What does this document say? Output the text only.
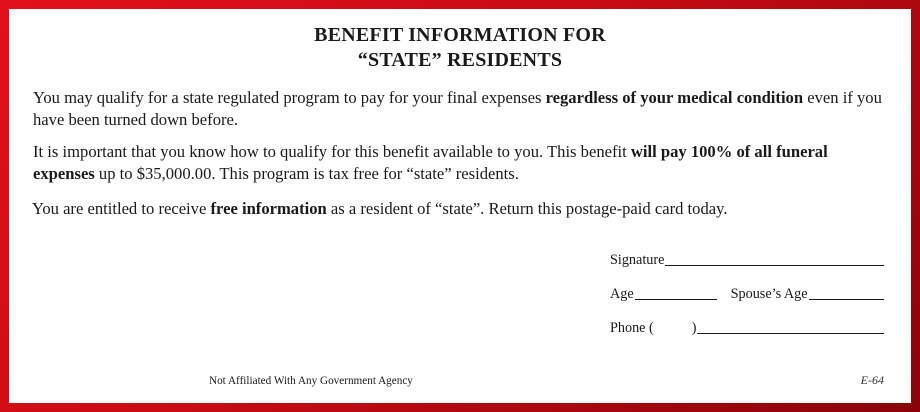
BENEFIT INFORMATION FOR
“STATE” RESIDENTS
You may qualify for a state regulated program to pay for your final expenses regardless of your medical condition even if you have been turned down before.
It is important that you know how to qualify for this benefit available to you. This benefit will pay 100% of all funeral expenses up to $35,000.00. This program is tax free for “state” residents.
You are entitled to receive free information as a resident of “state”. Return this postage-paid card today.
Signature
Age	Spouse’s Age
Phone (	)
Not Affiliated With Any Government Agency	E-64
